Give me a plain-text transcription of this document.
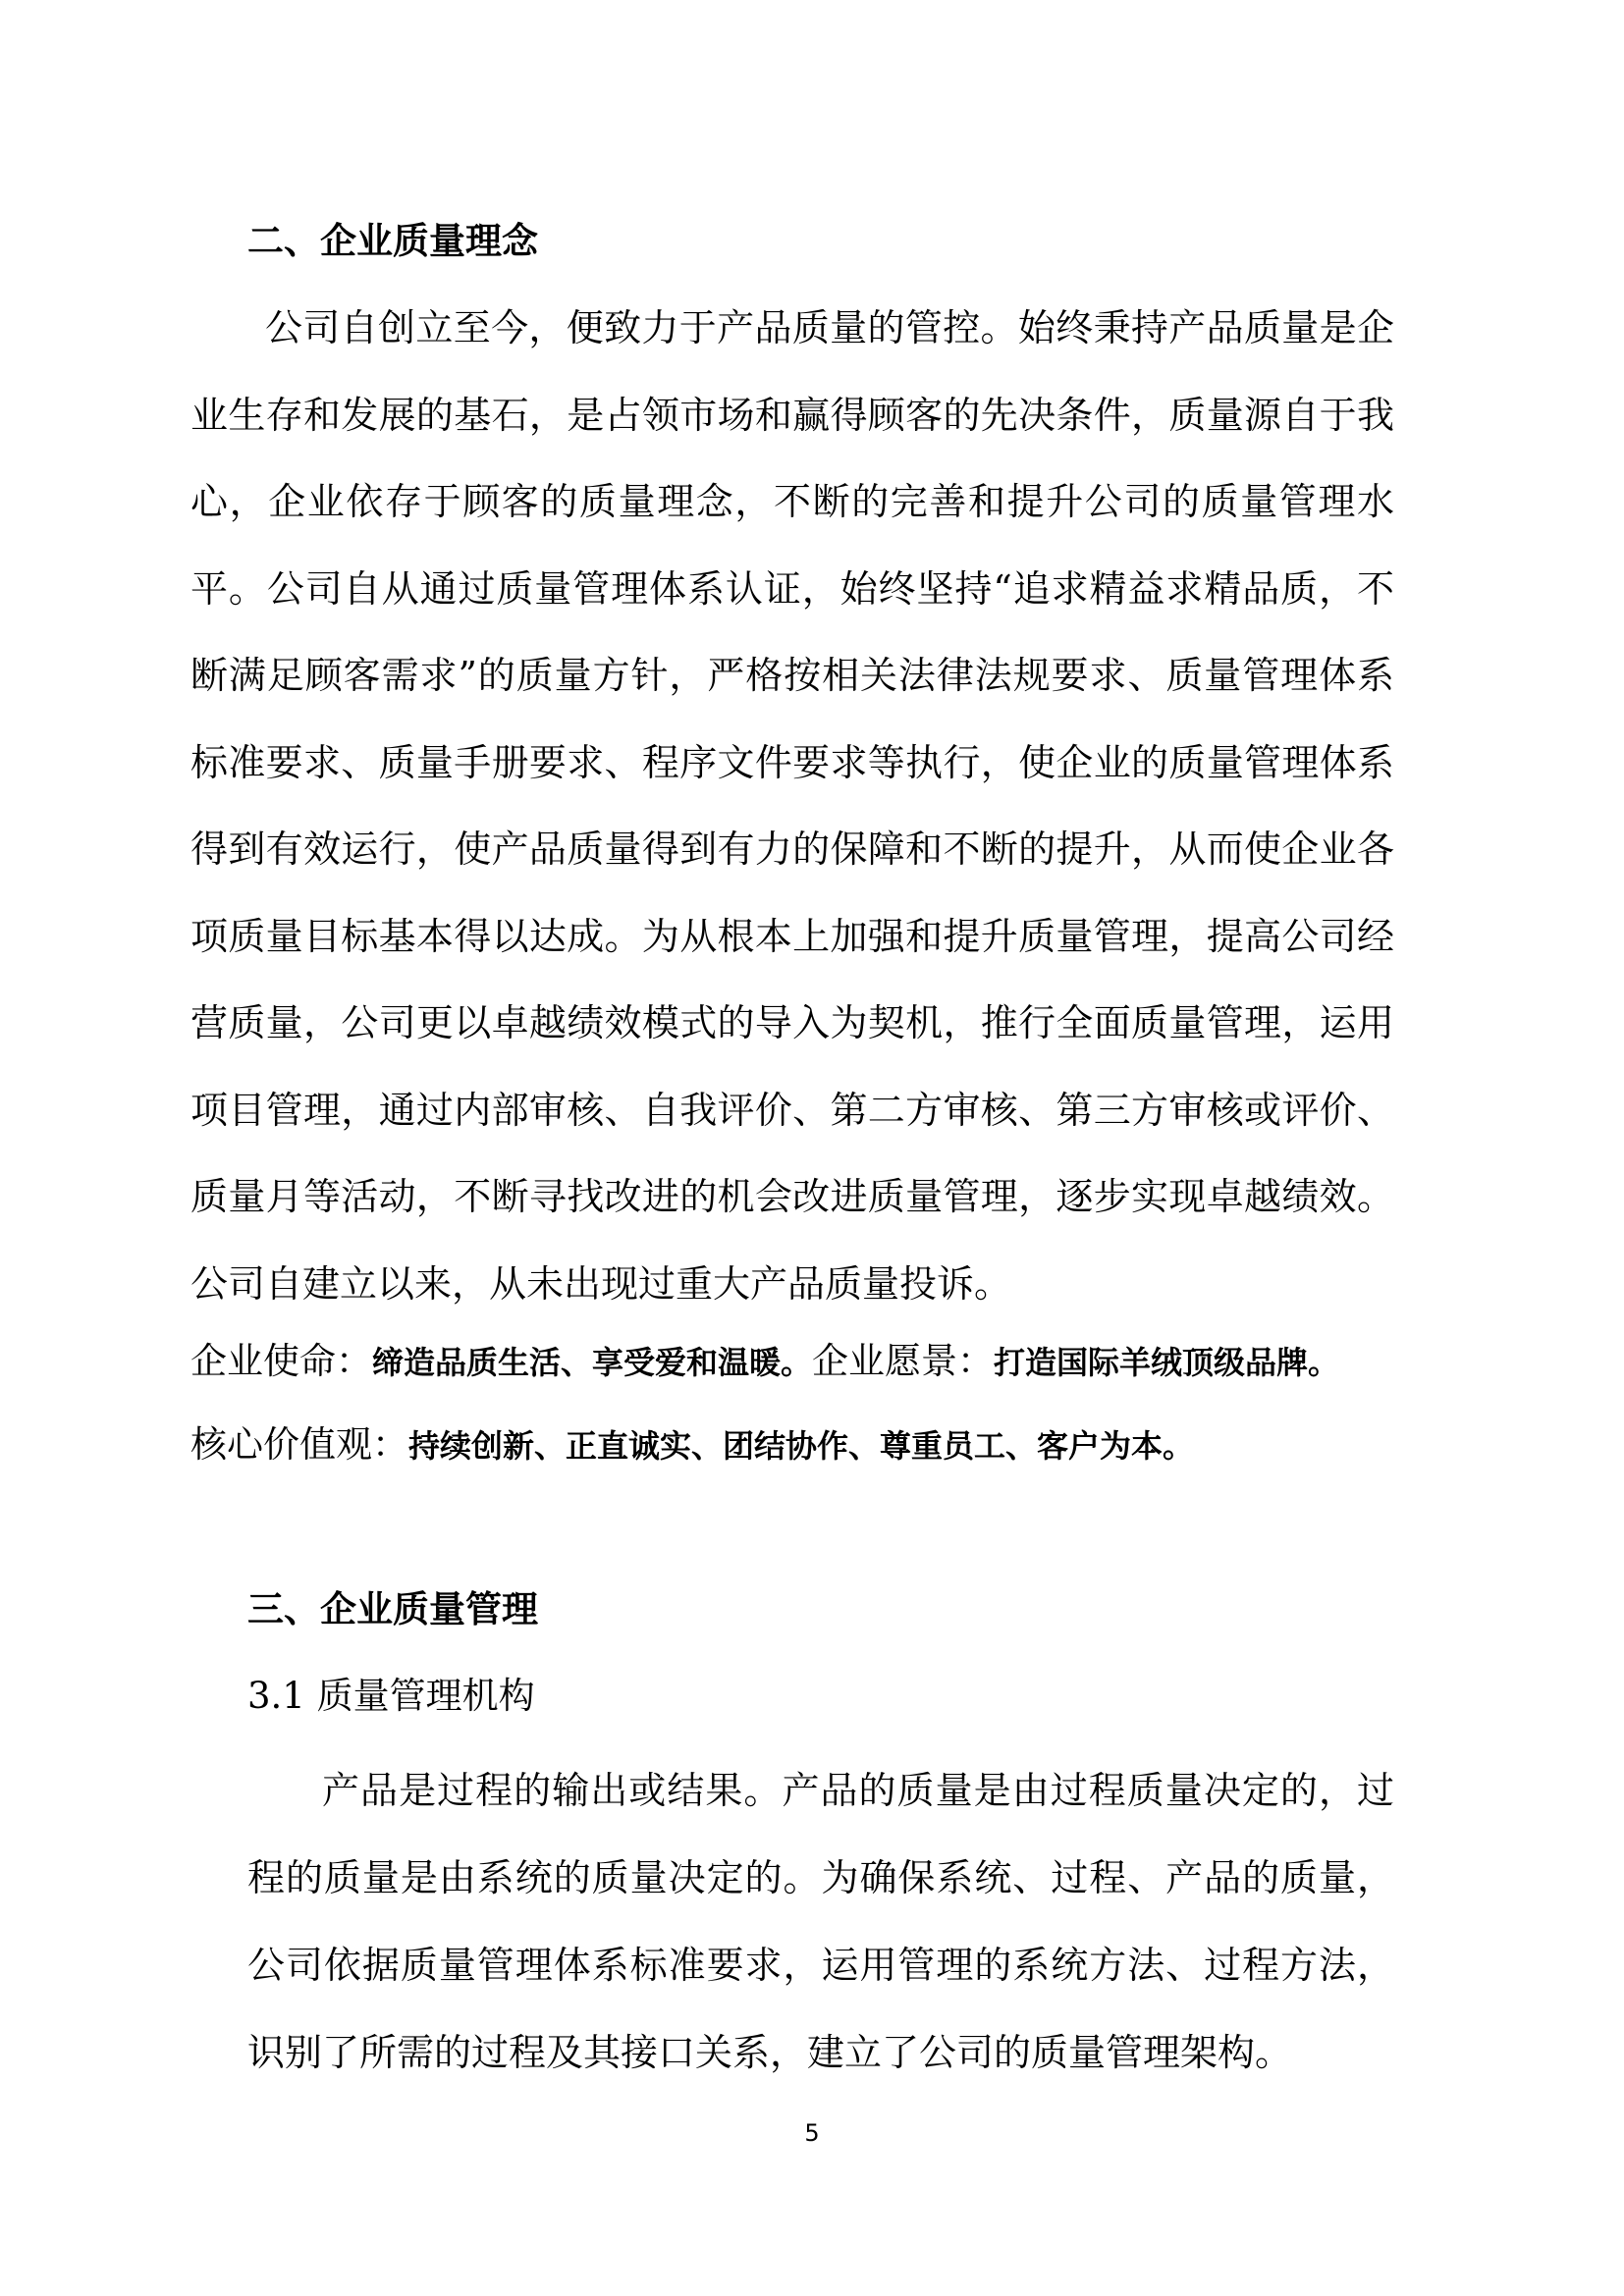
二、企业质量理念
公司自创立至今，便致力于产品质量的管控。始终秉持产品质量是企业生存和发展的基石，是占领市场和赢得顾客的先决条件，质量源自于我心，企业依存于顾客的质量理念，不断的完善和提升公司的质量管理水平。公司自从通过质量管理体系认证，始终坚持“追求精益求精品质，不断满足顾客需求”的质量方针，严格按相关法律法规要求、质量管理体系标准要求、质量手册要求、程序文件要求等执行，使企业的质量管理体系得到有效运行，使产品质量得到有力的保障和不断的提升，从而使企业各项质量目标基本得以达成。为从根本上加强和提升质量管理，提高公司经营质量，公司更以卓越绩效模式的导入为契机，推行全面质量管理，运用项目管理，通过内部审核、自我评价、第二方审核、第三方审核或评价、质量月等活动，不断寻找改进的机会改进质量管理，逐步实现卓越绩效。公司自建立以来，从未出现过重大产品质量投诉。
企业使命：缔造品质生活、享受爱和温暖。企业愿景：打造国际羊绒顶级品牌。
核心价值观：持续创新、正直诚实、团结协作、尊重员工、客户为本。
三、企业质量管理
3.1 质量管理机构
产品是过程的输出或结果。产品的质量是由过程质量决定的，过程的质量是由系统的质量决定的。为确保系统、过程、产品的质量，公司依据质量管理体系标准要求，运用管理的系统方法、过程方法，识别了所需的过程及其接口关系，建立了公司的质量管理架构。
5
